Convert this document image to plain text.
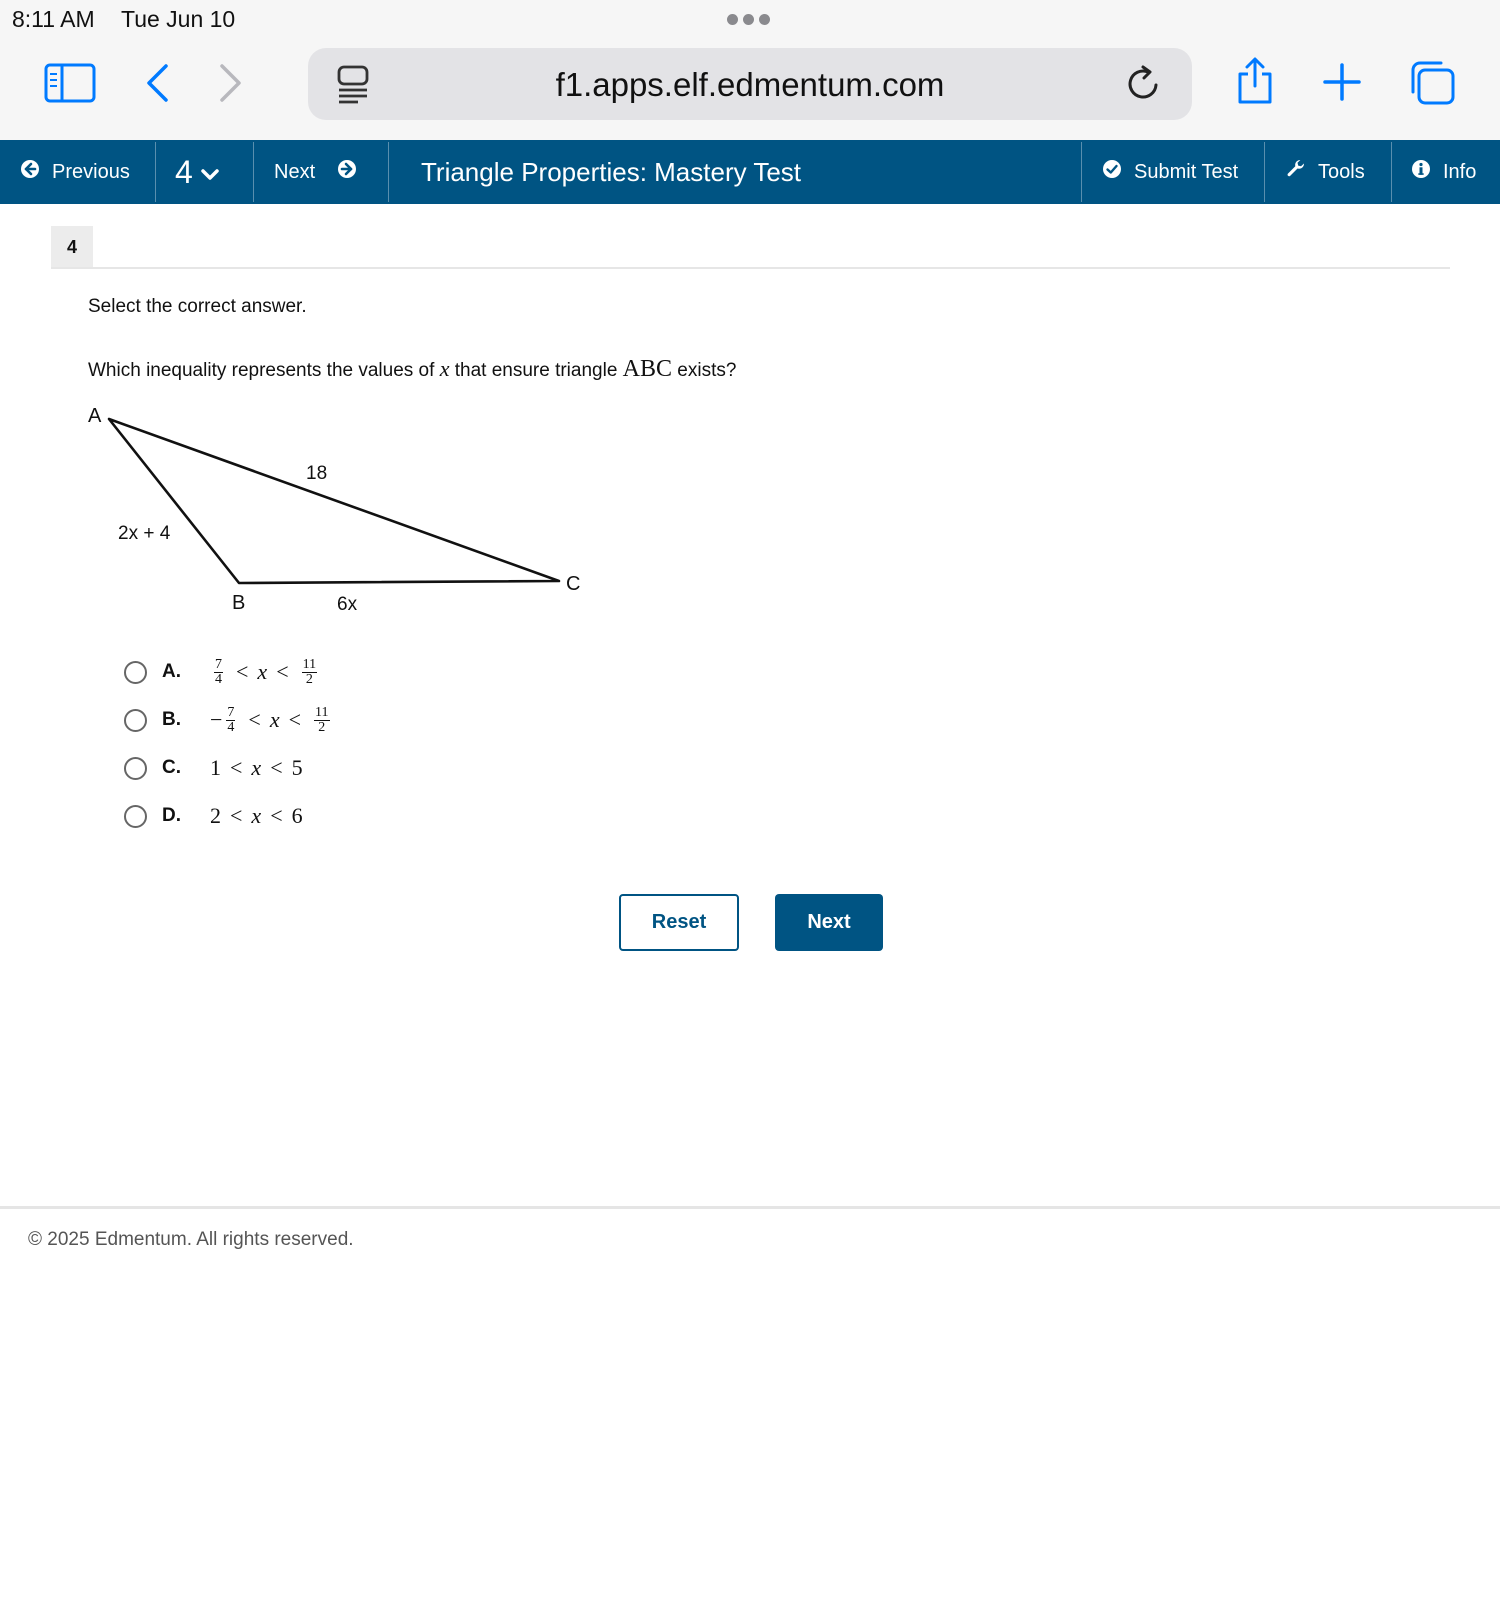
8:11 AM Tue Jun 10
f1.apps.elf.edmentum.com
Previous 4	Next	Triangle Properties: Mastery Test	Submit Test	Tools	Info
4
Select the correct answer.
Which inequality represents the values of x that ensure triangle ABC exists?
A
B
C
18
2x + 4
6x
A.	$\frac{7}{4} < x < \frac{11}{2}$
B.	− $\frac{7}{4} < x < \frac{11}{2}$
C.	1 < x < 5
D.	2 < x < 6
Reset	Next
© 2025 Edmentum. All rights reserved.
